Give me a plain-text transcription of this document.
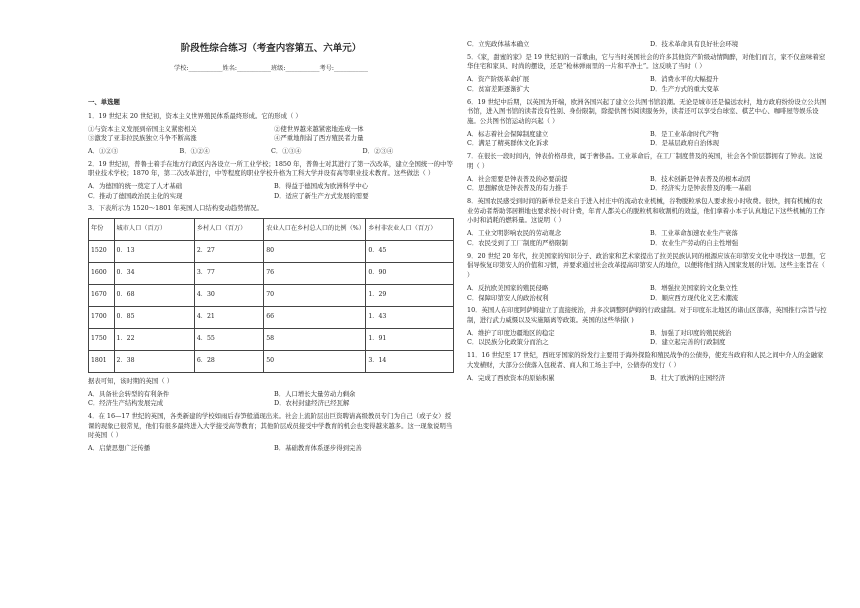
阶段性综合练习（考查内容第五、六单元）
学校:___________姓名:___________班级:___________考号:___________
一、单选题

1．19 世纪末 20 世纪初，资本主义世界殖民体系最终形成。它的形成（ ）

①与资本主义发展到帝国主义紧密相关	②使世界越来越紧密地连成一体
③激发了亚非拉民族独立斗争不断高涨	④严重地削弱了西方殖民者力量
A．①②③	B．①②④	C．①③④	D．②③④

2．19 世纪初，普鲁士着手在地方行政区内各设立一所工业学校；1850 年，普鲁士对其进行了第一次改革，建立全国统一的中等职业技术学校；1870 年，第二次改革进行，中等程度的职业学校升格为工科大学并设有高等职业技术教育。这些做法（ ）

A．为德国的统一奠定了人才基础	B．得益于德国成为欧洲科学中心
C．推动了德国政治民主化的实现	D．适应了新生产方式发展的需要

3．下表所示为 1520～1801 年英国人口结构变动趋势情况。

年份	城市人口（百万）	乡村人口（百万）	农业人口在乡村总人口的比例（%）	乡村非农业人口（百万）
1520	0．13	2．27	80	0．45
1600	0．34	3．77	76	0．90
1670	0．68	4．30	70	1．29
1700	0．85	4．21	66	1．43
1750	1．22	4．55	58	1．91
1801	2．38	6．28	50	3．14

据表可知，该时期的英国（ ）

A．具备社会转型的有利条件	B．人口增长大量劳动力剩余
C．经济生产结构发展完成	D．农村封建经济已经瓦解

4．在 16—17 世纪的英国，各类新建的学校如雨后春笋般涌现出来。社会上流阶层出巨资聘请高级教员专门为自己（或子女）授课的现象已很常见，他们有很多最终进入大学接受高等教育；其他阶层成员接受中学教育的机会也变得越来越多。这一现象说明当时英国（ ）

A．启蒙思想广泛传播	B．基础教育体系逐步得到完善
C．立宪政体基本确立	D．技术革命具有良好社会环境

5．《家，甜蜜的家》是 19 世纪初的一首歌曲，它与当时英国社会的许多其他资产阶级动情陶醉，对他们而言，家不仅意味着窒华住宅和家具、时尚的摆设，还是“枪林弹雨里的一片和平净土”。这反映了当时（ ）

A．资产阶级革命扩展	B．消费水平的大幅提升
C．贫富差距逐渐扩大	D．生产方式的重大变革

6．19 世纪中后期，以英国为开端，欧洲各国兴起了建立公共图书馆浪潮。无论是城市还是偏远农村，地方政府纷纷设立公共图书馆，进入图书馆的读者没有性别、身份限制，除提供图书阅读服务外，读者还可以享受台球室、棋艺中心、咖啡屋等娱乐设施。公共图书馆运动的兴起（ ）

A．标志着社会保障制度建立	B．是工业革命时代产物
C．满足了精英群体文化诉求	D．是基层政府自治体现

7．在很长一段时间内，钟表价格昂贵，属于奢侈品。工业革命后，在工厂制度普及的英国，社会各个阶层都拥有了钟表。这说明（ ）

A．社会需要是钟表普及的必要前提	B．技术创新是钟表普及的根本动因
C．思想解放是钟表普及的有力推手	D．经济实力是钟表普及的唯一基础

8．英国农民感受到时间的新单位是来自于进入村庄中的流动农业机械，谷物脱粒承包人要求按小时收费。很快，拥有机械的农业劳动者帮助邻居耕地也要求按小时计费，年青人都关心的脱粒机和收割机的效益，他们拿着小本子认真地记下这些机械的工作小时和消耗的燃料量。这说明（ ）

A．工业文明影响农民的劳动观念	B．工业革命加速农业生产衰落
C．农民受到了工厂制度的严格限制	D．农业生产劳动的自主性增强

9．20 世纪 20 年代，拉美国家的知识分子、政治家和艺术家提出了拉美民族认同的根源应该在印第安文化中寻找这一思想，它倡导恢复印第安人的价值和习惯，并要求通过社会改革提高印第安人的地位，以便将他们纳入国家发展的计划。这些主张旨在（ ）

A．反抗欧美国家的殖民侵略	B．增强拉美国家的文化集立性
C．保障印第安人的政治权利	D．顺应西方现代化义艺术潮流

10．英国人在印度阿萨姆建立了直接统治，并多次调整阿萨姆的行政建制。对于印度东北地区的诸山区部落，英国推行宗旨与控制，进行武力威慑以及实施隔离等政策。英国的这些举措( )

A．维护了印度边疆地区的稳定	B．加强了对印度的殖民统治
C．以民族分化政策分而治之	D．建立起完善的行政制度

11．16 世纪至 17 世纪，西班牙国家的纷发行主要用于海外探险和殖民战争的公债券，使充当政府和人民之间中介人的金融家大发横财，大部分公债落入包税者、商人和工场主手中，公债券的发行（ ）

A．完成了西欧资本的原始积累	B．壮大了欧洲的庄园经济
